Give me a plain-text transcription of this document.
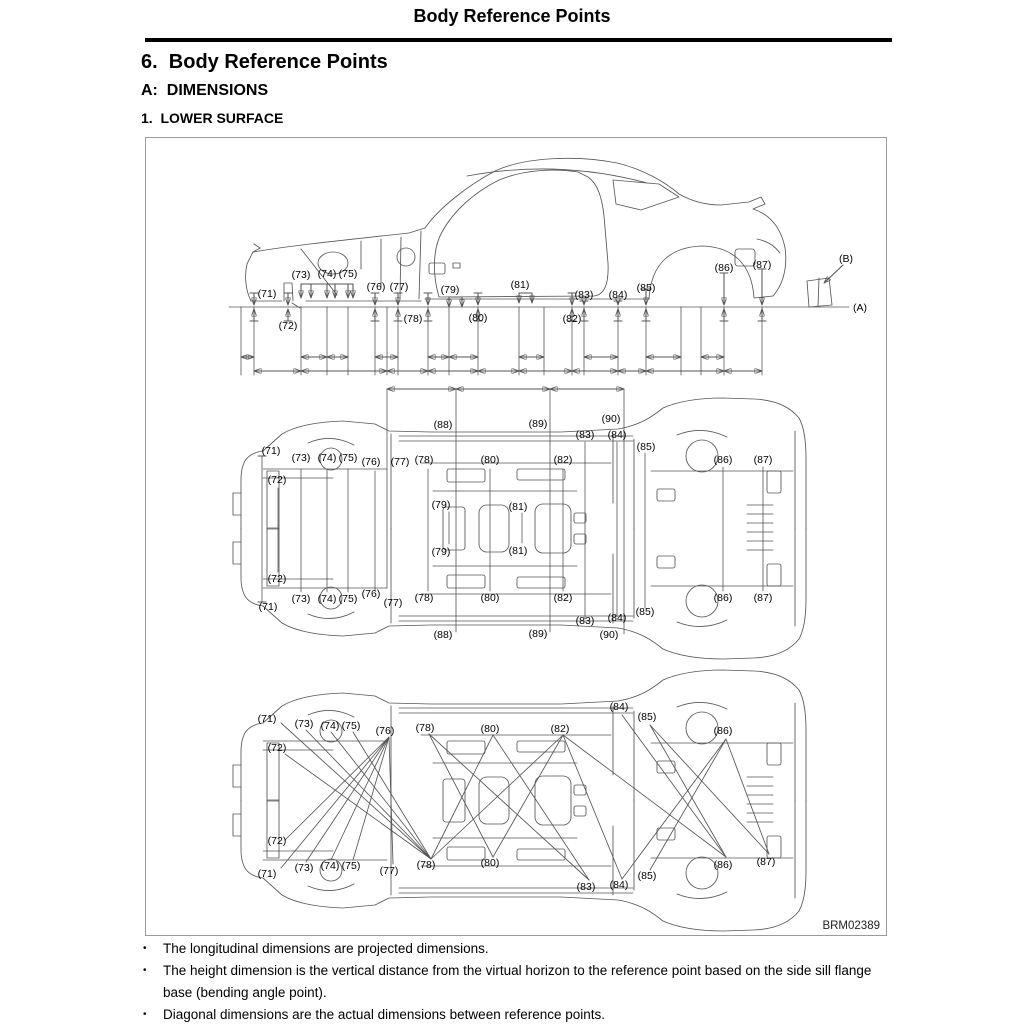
Body Reference Points
6.  Body Reference Points
A:  DIMENSIONS
1.  LOWER SURFACE
(A)
(B)
(71)
(72)
(76) (77)
(78)	(80)	(82)
(83) (84)
(85)
(86) (87)
(73) (74) (75)
(79)	(81)
(71)
(72)
(73) (74) (75) (76) (77) (78)	(80)	(82)
(88)	(89)	(90)
(83) (84)
(85)
(86) (87)
(79)
(79)
(81)
(81)
(71)
(72)
(73) (74) (75) (76)
(77) (78)	(80)	(82)
(83) (84) (85)
(86) (87)
(88)	(89)	(90)
(71)
(72)
(73) (74) (75) (76) (78)	(80)	(82)
(84)
(85)
(86)
(71)
(72)
(73) (74) (75) (77) (78)	(80)
(83) (84)
(85)
(86) (87)
BRM02389
•	The longitudinal dimensions are projected dimensions.
•	The height dimension is the vertical distance from the virtual horizon to the reference point based on the side sill flange base (bending angle point).
•	Diagonal dimensions are the actual dimensions between reference points.
